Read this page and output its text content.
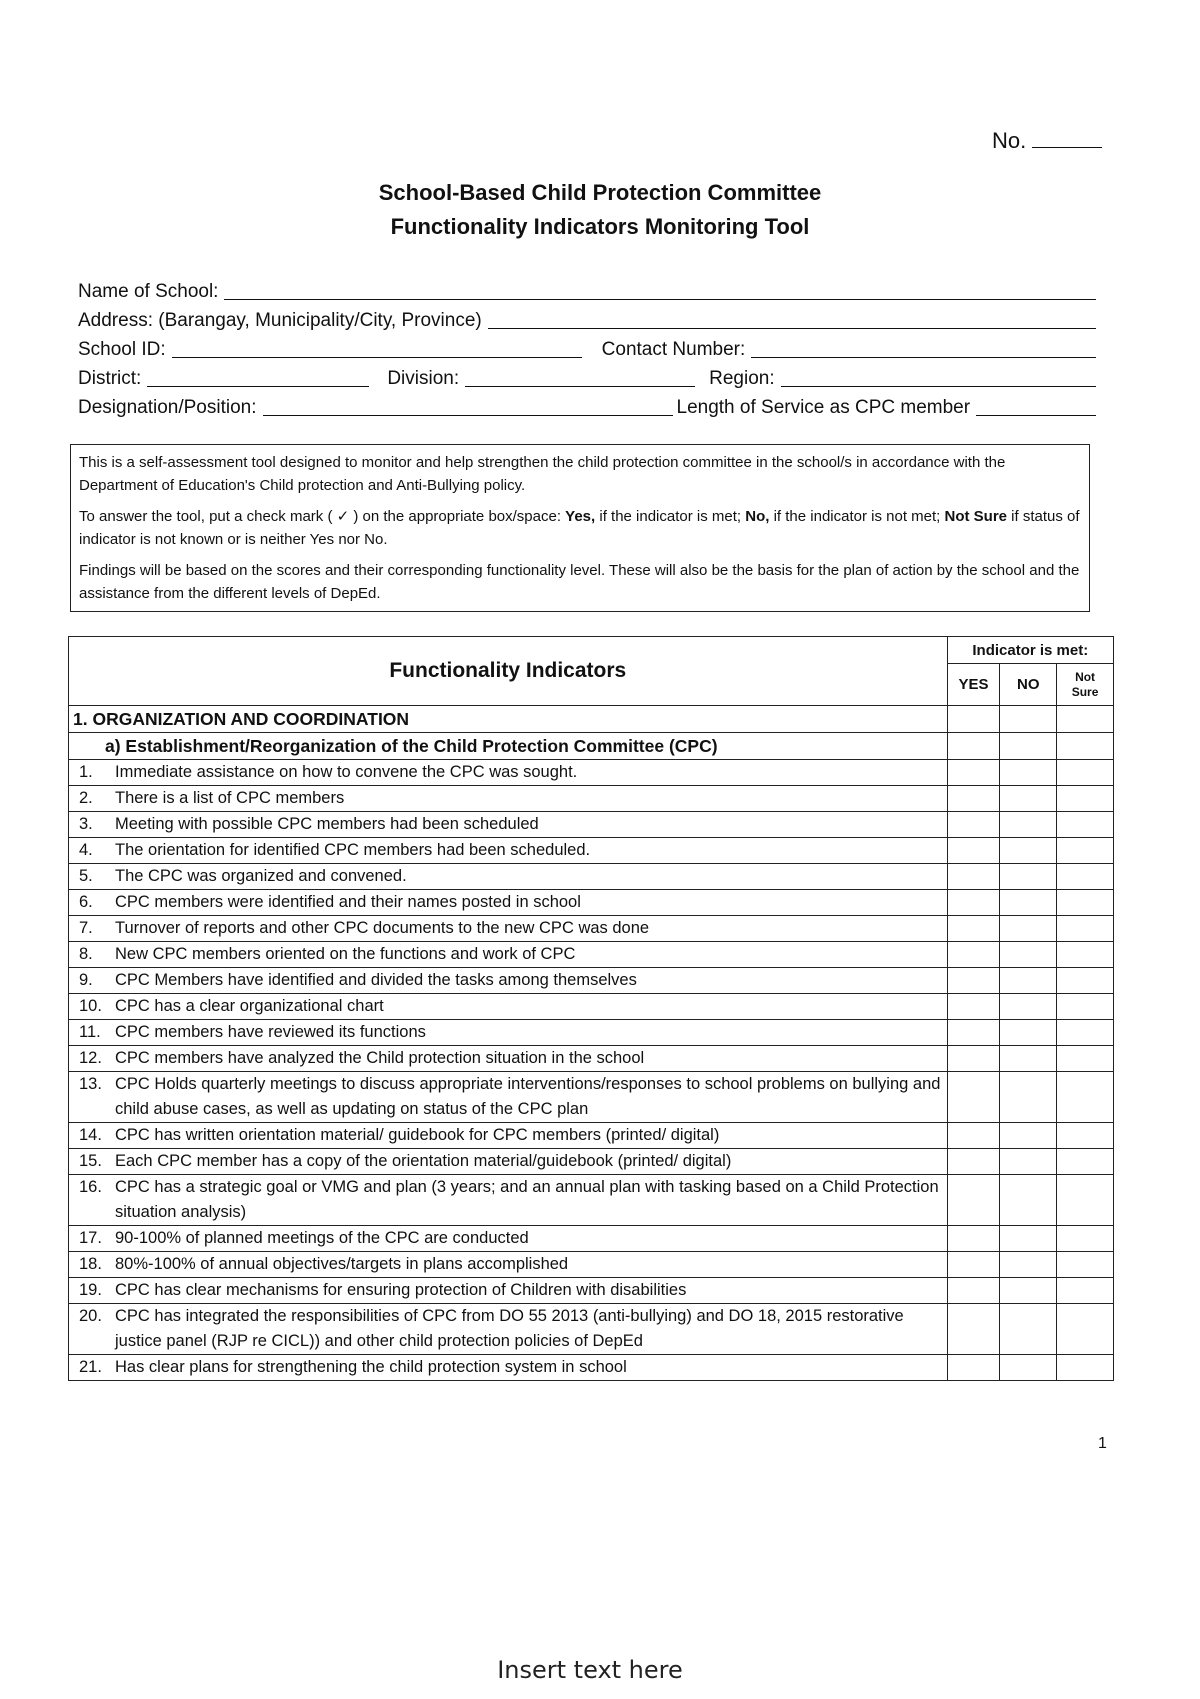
No.
School-Based Child Protection Committee
Functionality Indicators Monitoring Tool
Name of School:
Address: (Barangay, Municipality/City, Province)
School ID:	Contact Number:
District:	Division:	Region:
Designation/Position:	Length of Service as CPC member

This is a self-assessment tool designed to monitor and help strengthen the child protection committee in the school/s in accordance with the Department of Education's Child protection and Anti-Bullying policy.

To answer the tool, put a check mark ( ✓ ) on the appropriate box/space: Yes, if the indicator is met; No, if the indicator is not met; Not Sure if status of indicator is not known or is neither Yes nor No.

Findings will be based on the scores and their corresponding functionality level. These will also be the basis for the plan of action by the school and the assistance from the different levels of DepEd.

Functionality Indicators	Indicator is met:		
	YES	NO	Not Sure
1. ORGANIZATION AND COORDINATION			
a) Establishment/Reorganization of the Child Protection Committee (CPC)			

1. Immediate assistance on how to convene the CPC was sought.			

2. There is a list of CPC members			

3. Meeting with possible CPC members had been scheduled			

4. The orientation for identified CPC members had been scheduled.			

5. The CPC was organized and convened.			

6. CPC members were identified and their names posted in school			

7. Turnover of reports and other CPC documents to the new CPC was done			

8. New CPC members oriented on the functions and work of CPC			

9. CPC Members have identified and divided the tasks among themselves			

10. CPC has a clear organizational chart			

11. CPC members have reviewed its functions			

12. CPC members have analyzed the Child protection situation in the school			

13. CPC Holds quarterly meetings to discuss appropriate interventions/responses to school problems on bullying and child abuse cases, as well as updating on status of the CPC plan			

14. CPC has written orientation material/ guidebook for CPC members (printed/ digital)			

15. Each CPC member has a copy of the orientation material/guidebook (printed/ digital)			

16. CPC has a strategic goal or VMG and plan (3 years; and an annual plan with tasking based on a Child Protection situation analysis)			

17. 90-100% of planned meetings of the CPC are conducted			

18. 80%-100% of annual objectives/targets in plans accomplished			

19. CPC has clear mechanisms for ensuring protection of Children with disabilities			

20. CPC has integrated the responsibilities of CPC from DO 55 2013 (anti-bullying) and DO 18, 2015 restorative justice panel (RJP re CICL)) and other child protection policies of DepEd			

21. Has clear plans for strengthening the child protection system in school			

1
Insert text here
